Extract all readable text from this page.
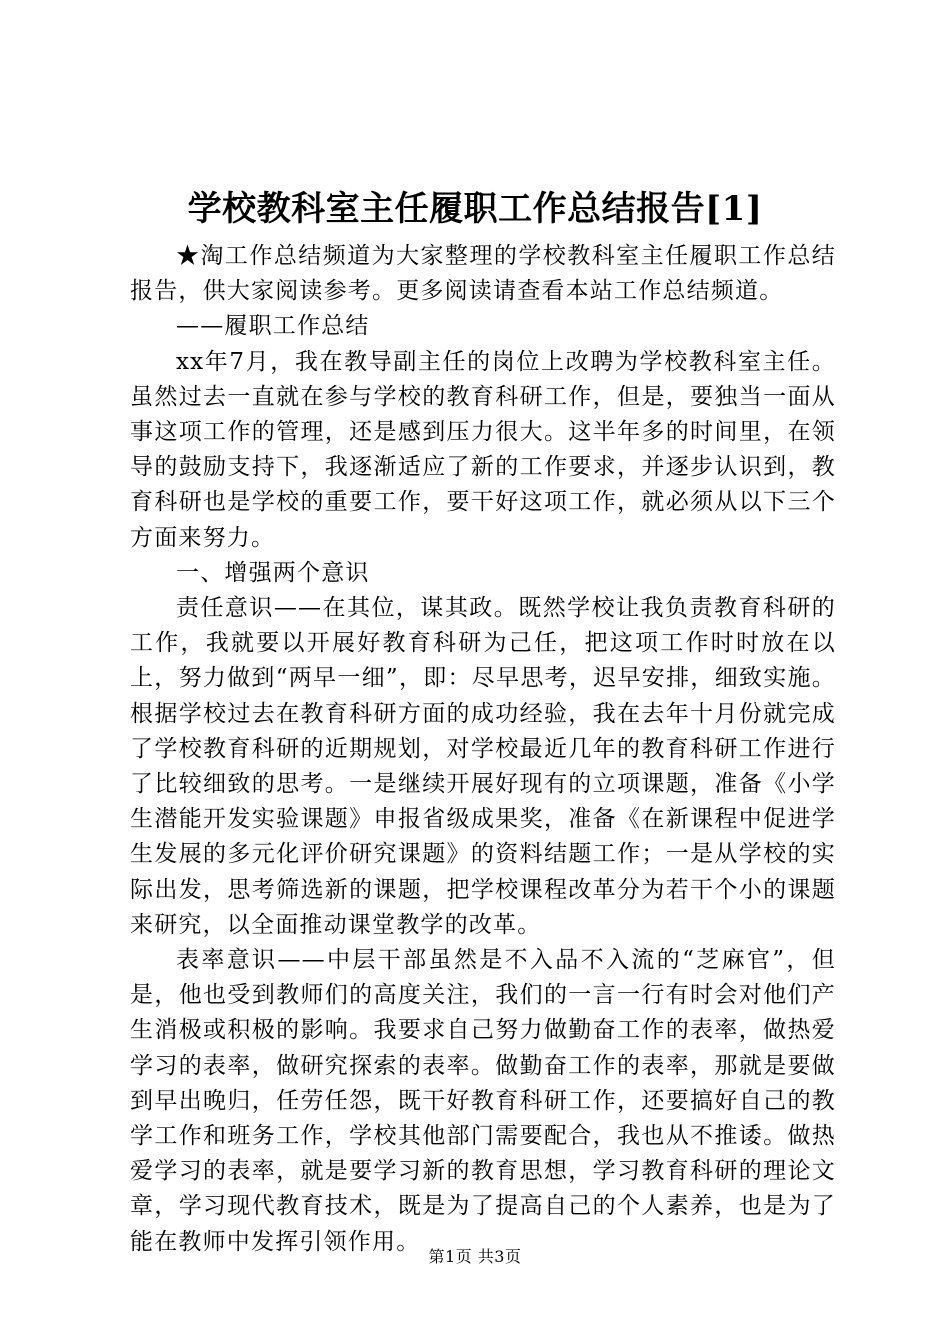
学校教科室主任履职工作总结报告[1]

★淘工作总结频道为大家整理的学校教科室主任履职工作总结报告，供大家阅读参考。更多阅读请查看本站工作总结频道。

——履职工作总结

xx年7月，我在教导副主任的岗位上改聘为学校教科室主任。虽然过去一直就在参与学校的教育科研工作，但是，要独当一面从事这项工作的管理，还是感到压力很大。这半年多的时间里，在领导的鼓励支持下，我逐渐适应了新的工作要求，并逐步认识到，教育科研也是学校的重要工作，要干好这项工作，就必须从以下三个方面来努力。

一、增强两个意识

责任意识——在其位，谋其政。既然学校让我负责教育科研的工作，我就要以开展好教育科研为己任，把这项工作时时放在以上，努力做到“两早一细”，即：尽早思考，迟早安排，细致实施。根据学校过去在教育科研方面的成功经验，我在去年十月份就完成了学校教育科研的近期规划，对学校最近几年的教育科研工作进行了比较细致的思考。一是继续开展好现有的立项课题，准备《小学生潜能开发实验课题》申报省级成果奖，准备《在新课程中促进学生发展的多元化评价研究课题》的资料结题工作；一是从学校的实际出发，思考筛选新的课题，把学校课程改革分为若干个小的课题来研究，以全面推动课堂教学的改革。

表率意识——中层干部虽然是不入品不入流的“芝麻官”，但是，他也受到教师们的高度关注，我们的一言一行有时会对他们产生消极或积极的影响。我要求自己努力做勤奋工作的表率，做热爱学习的表率，做研究探索的表率。做勤奋工作的表率，那就是要做到早出晚归，任劳任怨，既干好教育科研工作，还要搞好自己的教学工作和班务工作，学校其他部门需要配合，我也从不推诿。做热爱学习的表率，就是要学习新的教育思想，学习教育科研的理论文章，学习现代教育技术，既是为了提高自己的个人素养，也是为了能在教师中发挥引领作用。

第1页 共3页
